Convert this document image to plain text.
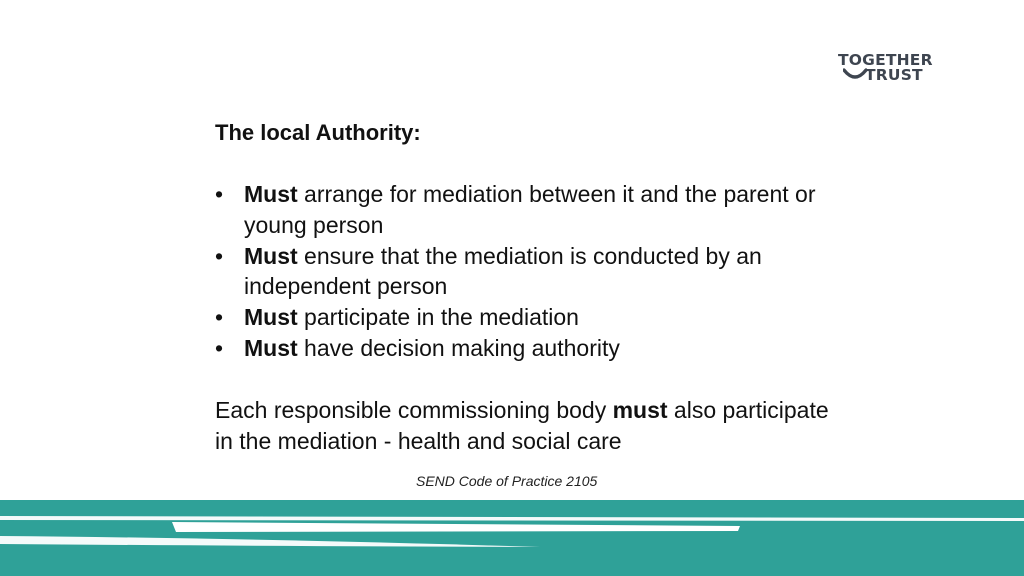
TOGETHER
TRUST

The local Authority:

• Must arrange for mediation between it and the parent or young person
• Must ensure that the mediation is conducted by an independent person
• Must participate in the mediation
• Must have decision making authority

Each responsible commissioning body must also participate in the mediation - health and social care

SEND Code of Practice 2105
